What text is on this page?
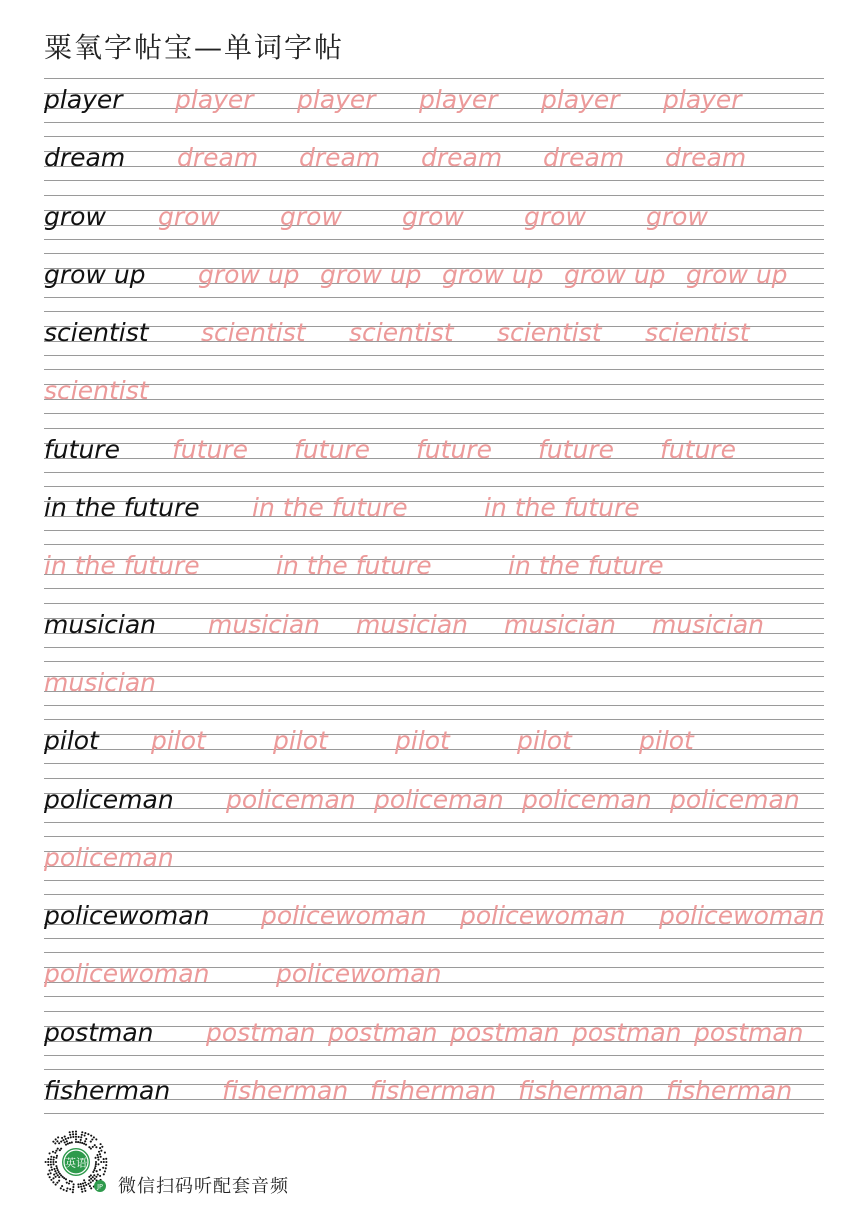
粟氧字帖宝—单词字帖
player player player player player player
dream dream dream dream dream dream
grow grow grow grow grow grow
grow up grow up grow up grow up grow up grow up
scientist scientist scientist scientist scientist
scientist
future future future future future future
in the future in the future	in the future
in the future	in the future	in the future
musician musician musician musician musician
musician
pilot pilot	pilot	pilot	pilot	pilot
policeman policeman policeman policeman policeman
policeman
policewoman policewoman policewoman policewoman
policewoman	policewoman
postman postman postman postman postman postman
fisherman fisherman fisherman fisherman fisherman
英语
JP 微信扫码听配套音频
